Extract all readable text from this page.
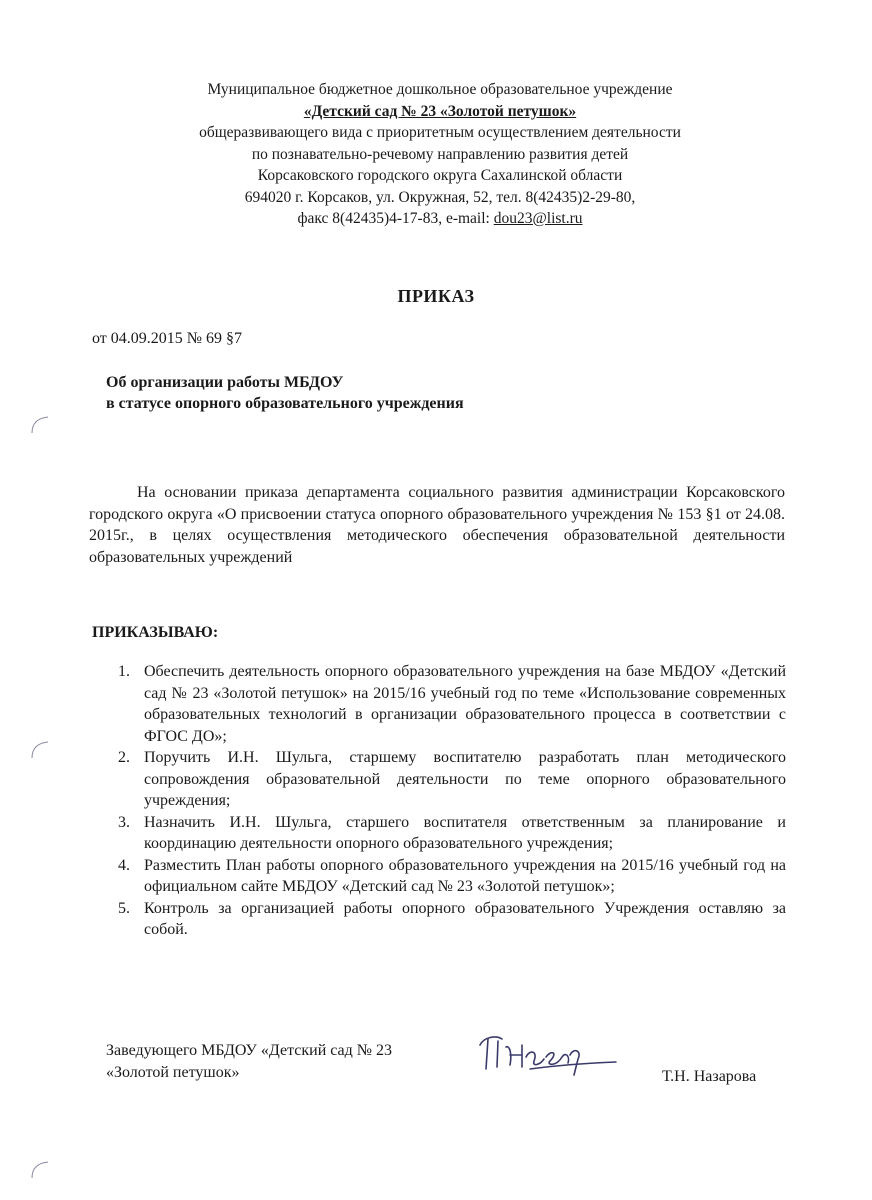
Муниципальное бюджетное дошкольное образовательное учреждение
«Детский сад № 23 «Золотой петушок»
общеразвивающего вида с приоритетным осуществлением деятельности
по познавательно-речевому направлению развития детей
Корсаковского городского округа Сахалинской области
694020 г. Корсаков, ул. Окружная, 52, тел. 8(42435)2-29-80,
факс 8(42435)4-17-83, e-mail: dou23@list.ru
ПРИКАЗ
от 04.09.2015 № 69 §7
Об организации работы МБДОУ
в статусе опорного образовательного учреждения
На основании приказа департамента социального развития администрации Корсаковского городского округа «О присвоении статуса опорного образовательного учреждения № 153 §1 от 24.08. 2015г., в целях осуществления методического обеспечения образовательной деятельности образовательных учреждений
ПРИКАЗЫВАЮ:
1. Обеспечить деятельность опорного образовательного учреждения на базе МБДОУ «Детский сад № 23 «Золотой петушок» на 2015/16 учебный год по теме «Использование современных образовательных технологий в организации образовательного процесса в соответствии с ФГОС ДО»;
2. Поручить И.Н. Шульга, старшему воспитателю разработать план методического сопровождения образовательной деятельности по теме опорного образовательного учреждения;
3. Назначить И.Н. Шульга, старшего воспитателя ответственным за планирование и координацию деятельности опорного образовательного учреждения;
4. Разместить План работы опорного образовательного учреждения на 2015/16 учебный год на официальном сайте МБДОУ «Детский сад № 23 «Золотой петушок»;
5. Контроль за организацией работы опорного образовательного Учреждения оставляю за собой.
Заведующего МБДОУ «Детский сад № 23
«Золотой петушок»	Т.Н. Назарова
